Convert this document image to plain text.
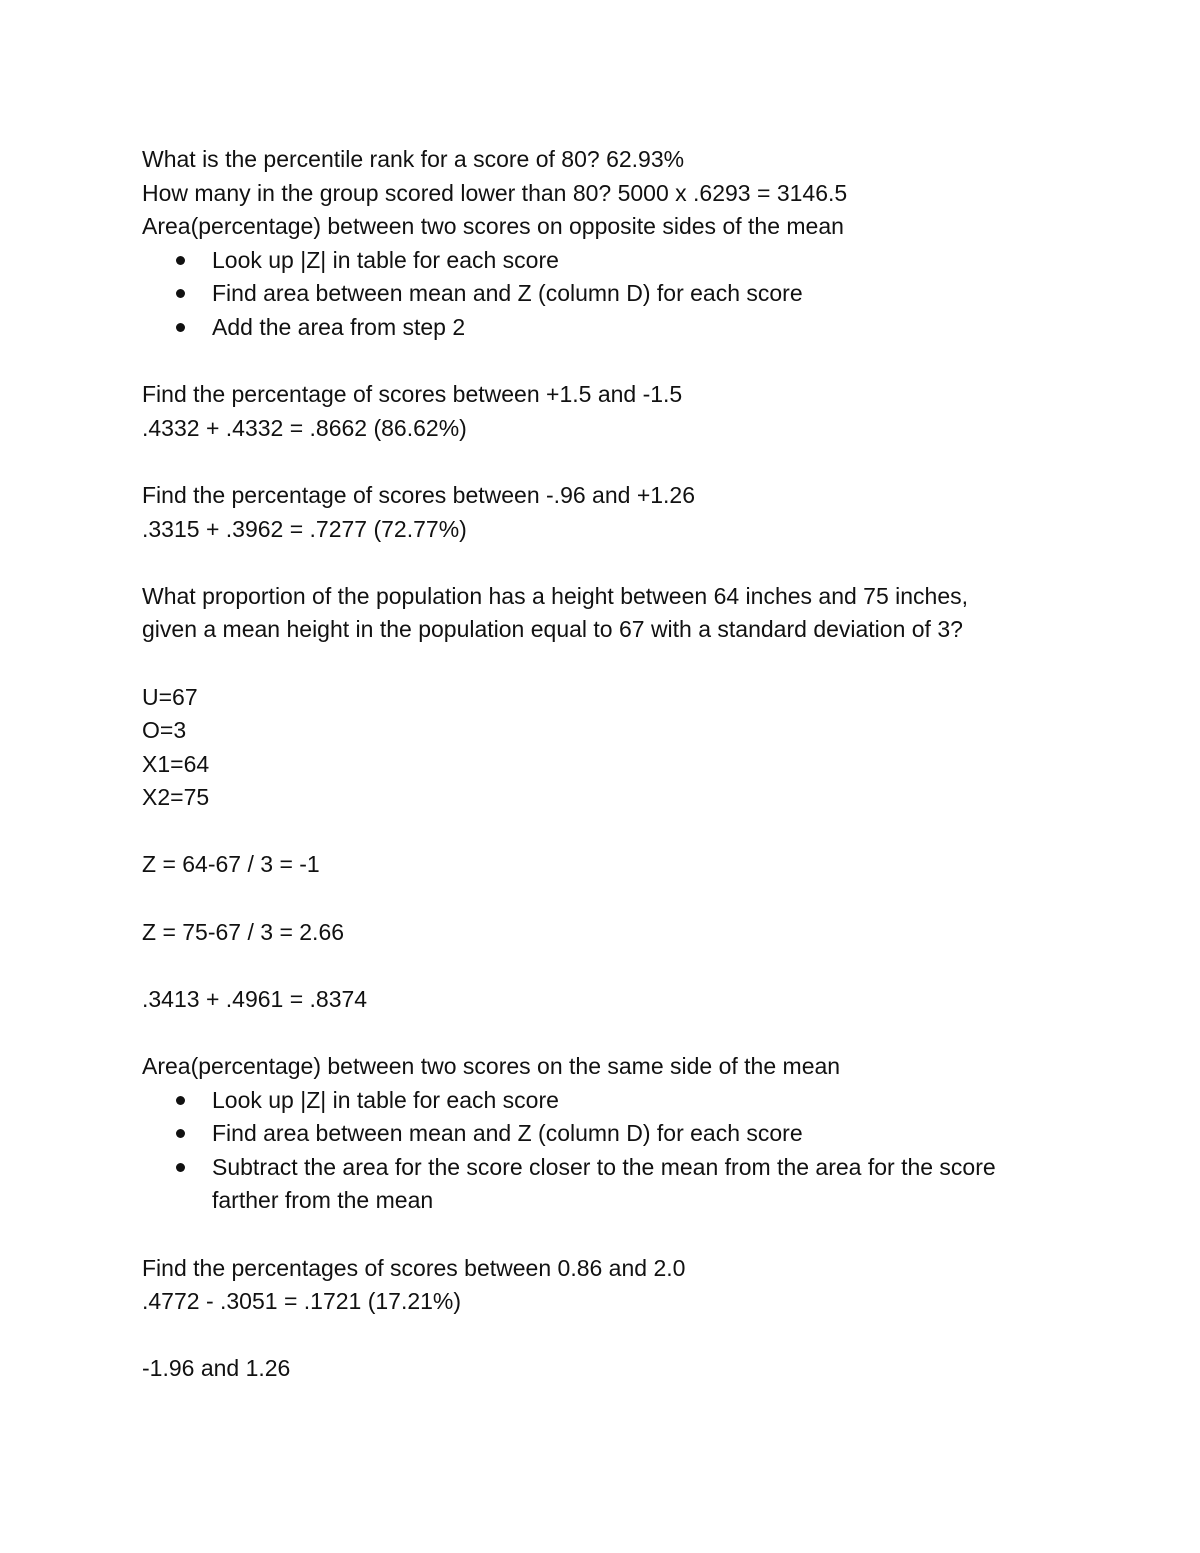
What is the percentile rank for a score of 80? 62.93%
How many in the group scored lower than 80? 5000 x .6293 = 3146.5
Area(percentage) between two scores on opposite sides of the mean
Look up |Z| in table for each score
Find area between mean and Z (column D) for each score
Add the area from step 2
Find the percentage of scores between +1.5 and -1.5
.4332 + .4332 = .8662 (86.62%)
Find the percentage of scores between -.96 and +1.26
.3315 + .3962 = .7277 (72.77%)
What proportion of the population has a height between 64 inches and 75 inches,
given a mean height in the population equal to 67 with a standard deviation of 3?
U=67
O=3
X1=64
X2=75
Z = 64-67 / 3 = -1
Z = 75-67 / 3 = 2.66
.3413 + .4961 = .8374
Area(percentage) between two scores on the same side of the mean
Look up |Z| in table for each score
Find area between mean and Z (column D) for each score
Subtract the area for the score closer to the mean from the area for the score farther from the mean
Find the percentages of scores between 0.86 and 2.0
.4772 - .3051 = .1721 (17.21%)
-1.96 and 1.26
